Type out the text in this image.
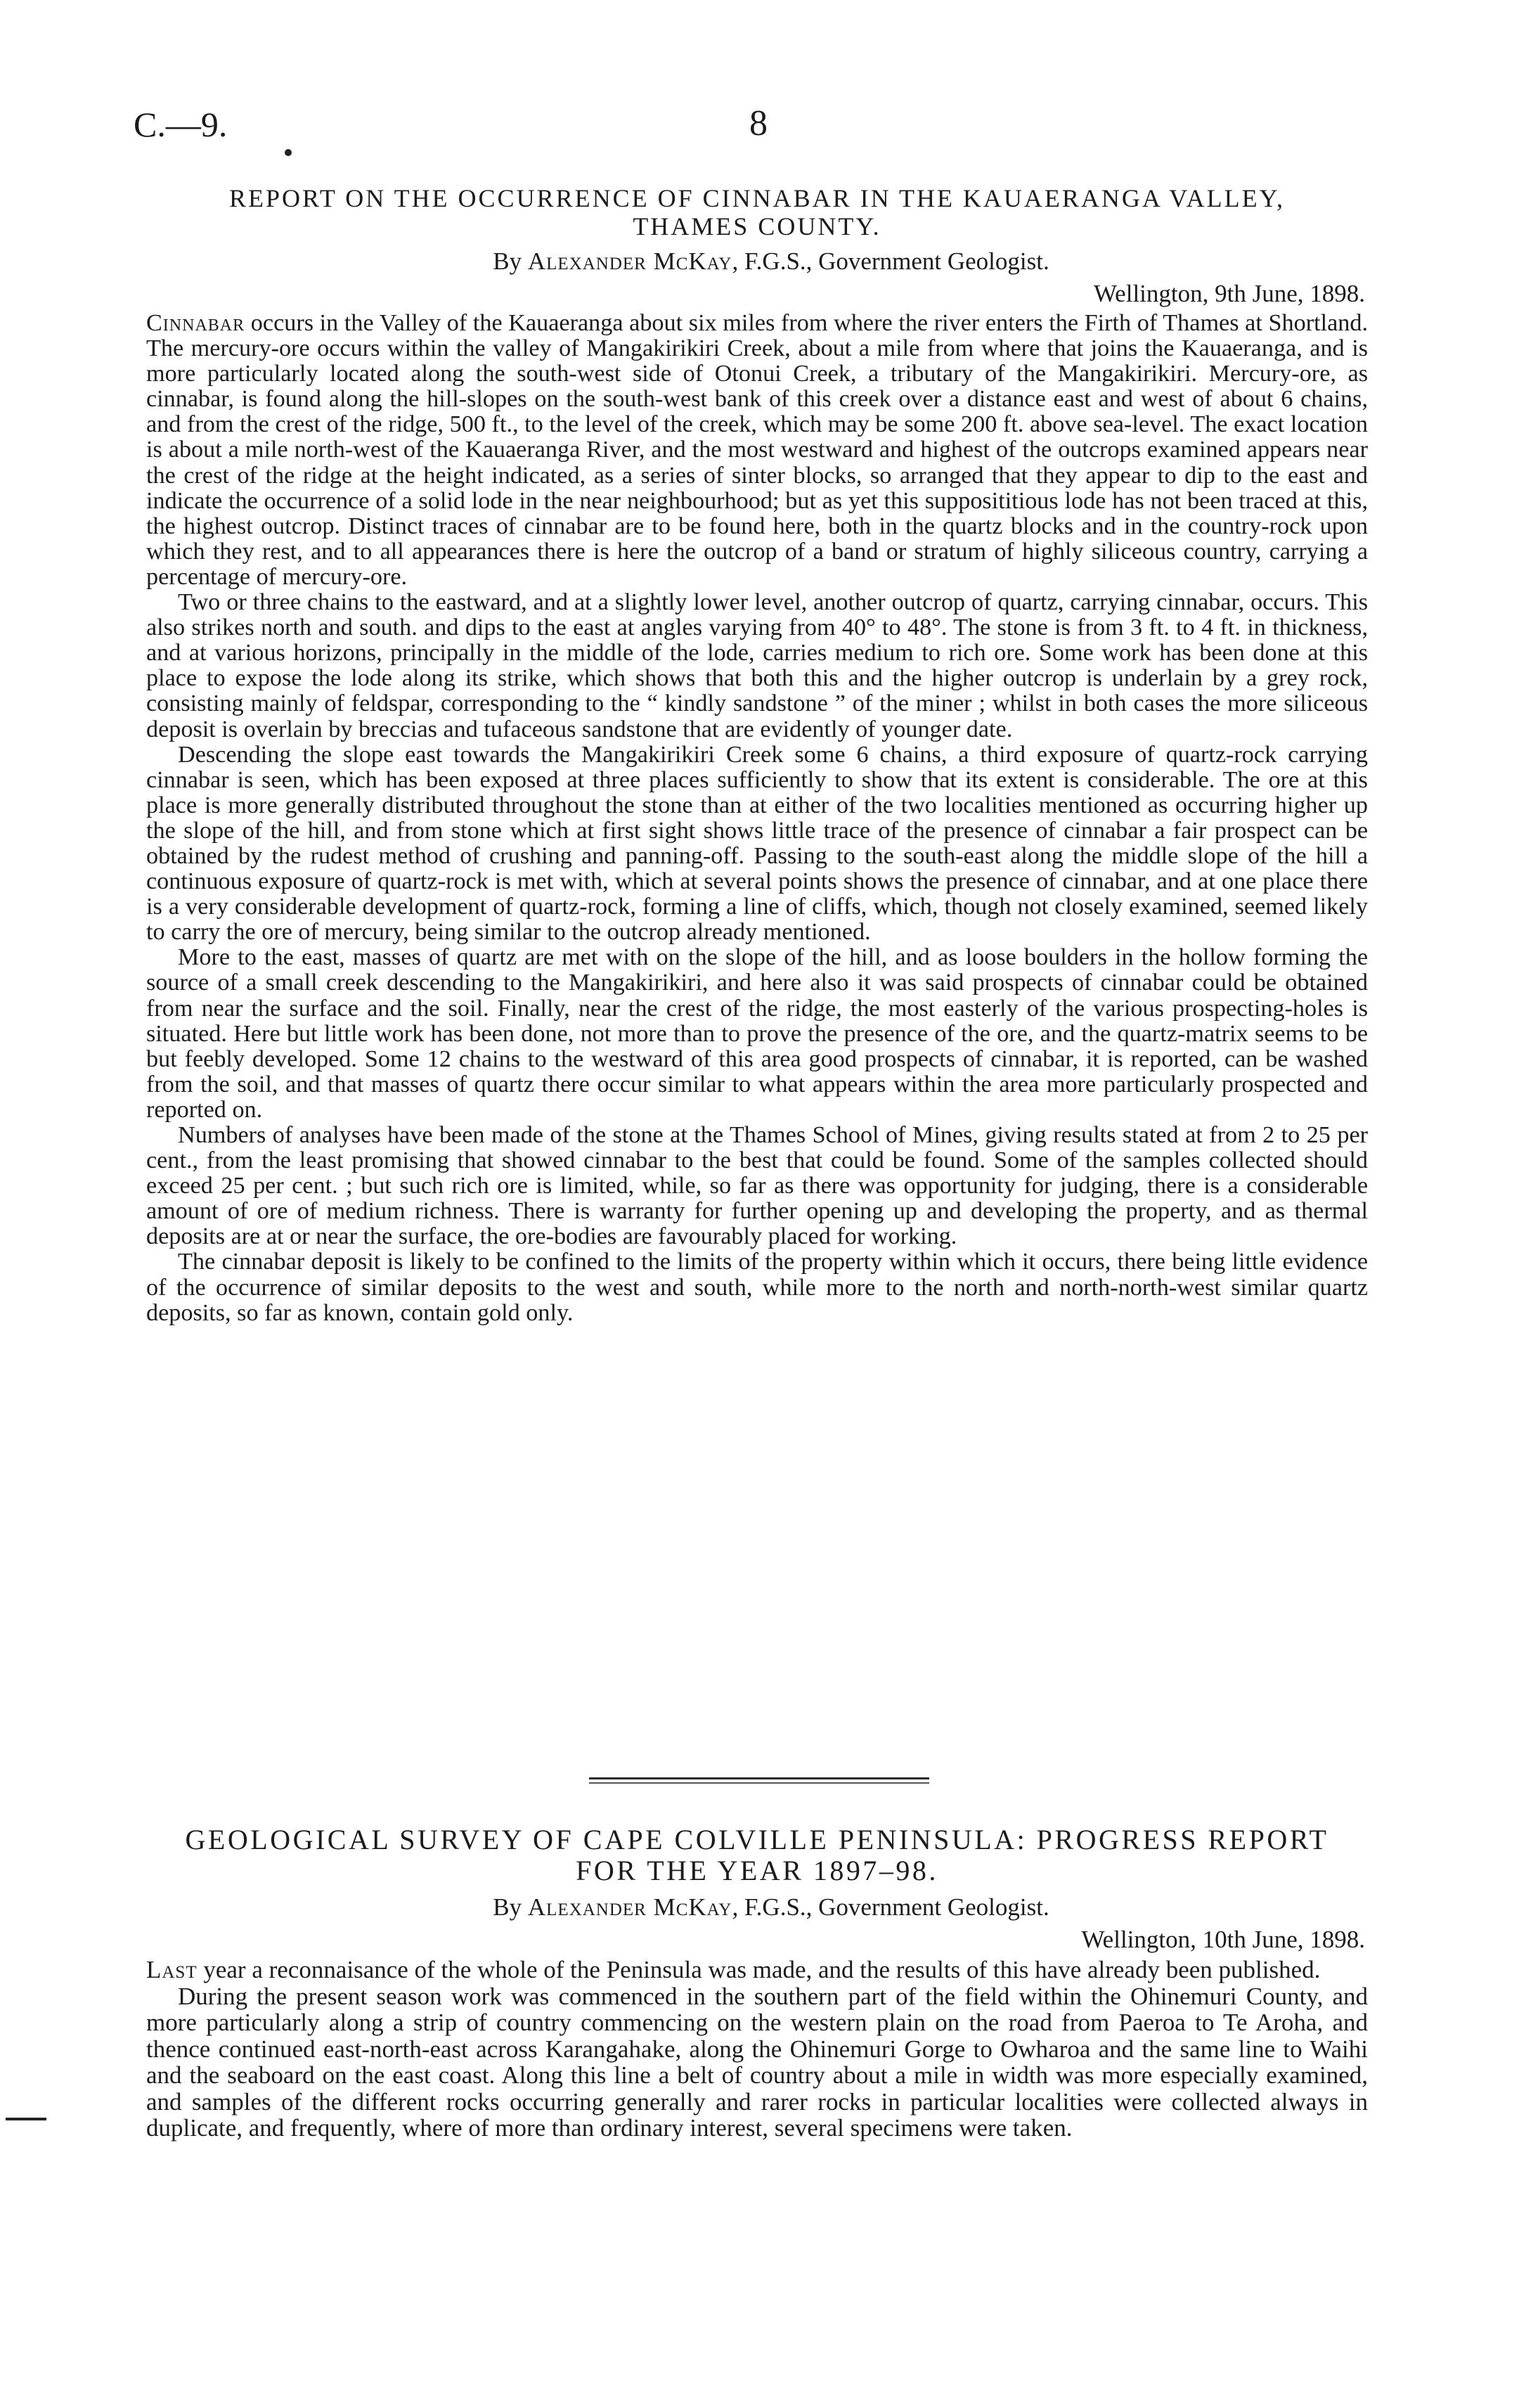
C.—9.	8
REPORT ON THE OCCURRENCE OF CINNABAR IN THE KAUAERANGA VALLEY,
THAMES COUNTY.
By Alexander McKay, F.G.S., Government Geologist.
Wellington, 9th June, 1898.

Cinnabar occurs in the Valley of the Kauaeranga about six miles from where the river enters the Firth of Thames at Shortland. The mercury-ore occurs within the valley of Mangakirikiri Creek, about a mile from where that joins the Kauaeranga, and is more particularly located along the south-west side of Otonui Creek, a tributary of the Mangakirikiri. Mercury-ore, as cinnabar, is found along the hill-slopes on the south-west bank of this creek over a distance east and west of about 6 chains, and from the crest of the ridge, 500 ft., to the level of the creek, which may be some 200 ft. above sea-level. The exact location is about a mile north-west of the Kauaeranga River, and the most westward and highest of the outcrops examined appears near the crest of the ridge at the height indicated, as a series of sinter blocks, so arranged that they appear to dip to the east and indicate the occurrence of a solid lode in the near neighbourhood; but as yet this supposititious lode has not been traced at this, the highest outcrop. Distinct traces of cinnabar are to be found here, both in the quartz blocks and in the country-rock upon which they rest, and to all appearances there is here the outcrop of a band or stratum of highly siliceous country, carrying a percentage of mercury-ore.

Two or three chains to the eastward, and at a slightly lower level, another outcrop of quartz, carrying cinnabar, occurs. This also strikes north and south. and dips to the east at angles varying from 40° to 48°. The stone is from 3 ft. to 4 ft. in thickness, and at various horizons, principally in the middle of the lode, carries medium to rich ore. Some work has been done at this place to expose the lode along its strike, which shows that both this and the higher outcrop is underlain by a grey rock, consisting mainly of feldspar, corresponding to the “ kindly sandstone ” of the miner ; whilst in both cases the more siliceous deposit is overlain by breccias and tufaceous sandstone that are evidently of younger date.

Descending the slope east towards the Mangakirikiri Creek some 6 chains, a third exposure of quartz-rock carrying cinnabar is seen, which has been exposed at three places sufficiently to show that its extent is considerable. The ore at this place is more generally distributed throughout the stone than at either of the two localities mentioned as occurring higher up the slope of the hill, and from stone which at first sight shows little trace of the presence of cinnabar a fair prospect can be obtained by the rudest method of crushing and panning-off. Passing to the south-east along the middle slope of the hill a continuous exposure of quartz-rock is met with, which at several points shows the presence of cinnabar, and at one place there is a very considerable development of quartz-rock, forming a line of cliffs, which, though not closely examined, seemed likely to carry the ore of mercury, being similar to the outcrop already mentioned.

More to the east, masses of quartz are met with on the slope of the hill, and as loose boulders in the hollow forming the source of a small creek descending to the Mangakirikiri, and here also it was said prospects of cinnabar could be obtained from near the surface and the soil. Finally, near the crest of the ridge, the most easterly of the various prospecting-holes is situated. Here but little work has been done, not more than to prove the presence of the ore, and the quartz-matrix seems to be but feebly developed. Some 12 chains to the westward of this area good prospects of cinnabar, it is reported, can be washed from the soil, and that masses of quartz there occur similar to what appears within the area more particularly prospected and reported on.

Numbers of analyses have been made of the stone at the Thames School of Mines, giving results stated at from 2 to 25 per cent., from the least promising that showed cinnabar to the best that could be found. Some of the samples collected should exceed 25 per cent. ; but such rich ore is limited, while, so far as there was opportunity for judging, there is a considerable amount of ore of medium richness. There is warranty for further opening up and developing the property, and as thermal deposits are at or near the surface, the ore-bodies are favourably placed for working.

The cinnabar deposit is likely to be confined to the limits of the property within which it occurs, there being little evidence of the occurrence of similar deposits to the west and south, while more to the north and north-north-west similar quartz deposits, so far as known, contain gold only.

GEOLOGICAL SURVEY OF CAPE COLVILLE PENINSULA: PROGRESS REPORT
FOR THE YEAR 1897–98.
By Alexander McKay, F.G.S., Government Geologist.
Wellington, 10th June, 1898.

Last year a reconnaisance of the whole of the Peninsula was made, and the results of this have already been published.

During the present season work was commenced in the southern part of the field within the Ohinemuri County, and more particularly along a strip of country commencing on the western plain on the road from Paeroa to Te Aroha, and thence continued east-north-east across Karangahake, along the Ohinemuri Gorge to Owharoa and the same line to Waihi and the seaboard on the east coast. Along this line a belt of country about a mile in width was more especially examined, and samples of the different rocks occurring generally and rarer rocks in particular localities were collected always in duplicate, and frequently, where of more than ordinary interest, several specimens were taken.
